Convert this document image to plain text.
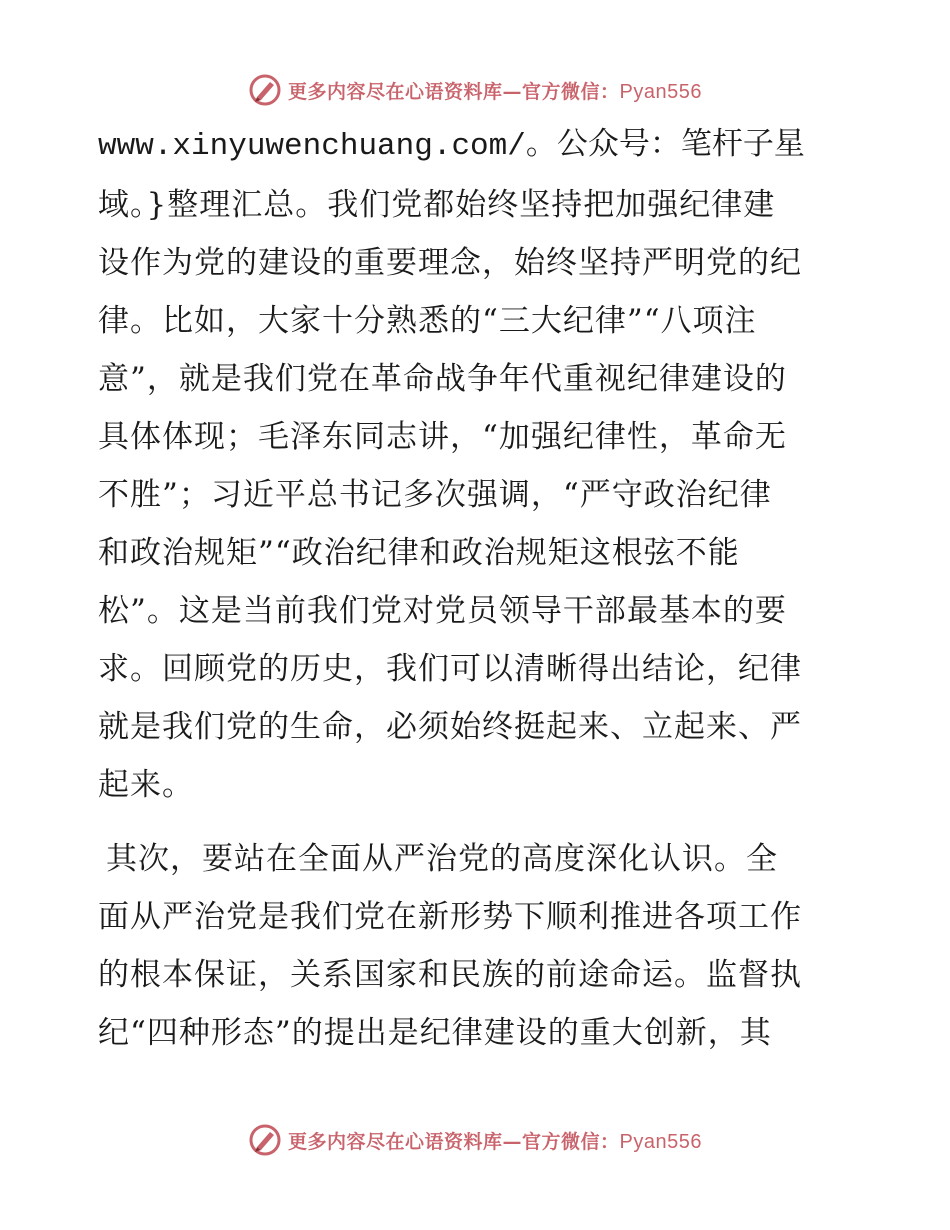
更多内容尽在心语资料库—官方微信：Pyan556
www.xinyuwenchuang.com/。公众号：笔杆子星
域。}整理汇总。我们党都始终坚持把加强纪律建
设作为党的建设的重要理念，始终坚持严明党的纪
律。比如，大家十分熟悉的“三大纪律”“八项注
意”，就是我们党在革命战争年代重视纪律建设的
具体体现；毛泽东同志讲，“加强纪律性，革命无
不胜”；习近平总书记多次强调，“严守政治纪律
和政治规矩”“政治纪律和政治规矩这根弦不能
松”。这是当前我们党对党员领导干部最基本的要
求。回顾党的历史，我们可以清晰得出结论，纪律
就是我们党的生命，必须始终挺起来、立起来、严
起来。
其次，要站在全面从严治党的高度深化认识。全
面从严治党是我们党在新形势下顺利推进各项工作
的根本保证，关系国家和民族的前途命运。监督执
纪“四种形态”的提出是纪律建设的重大创新，其
更多内容尽在心语资料库—官方微信：Pyan556
